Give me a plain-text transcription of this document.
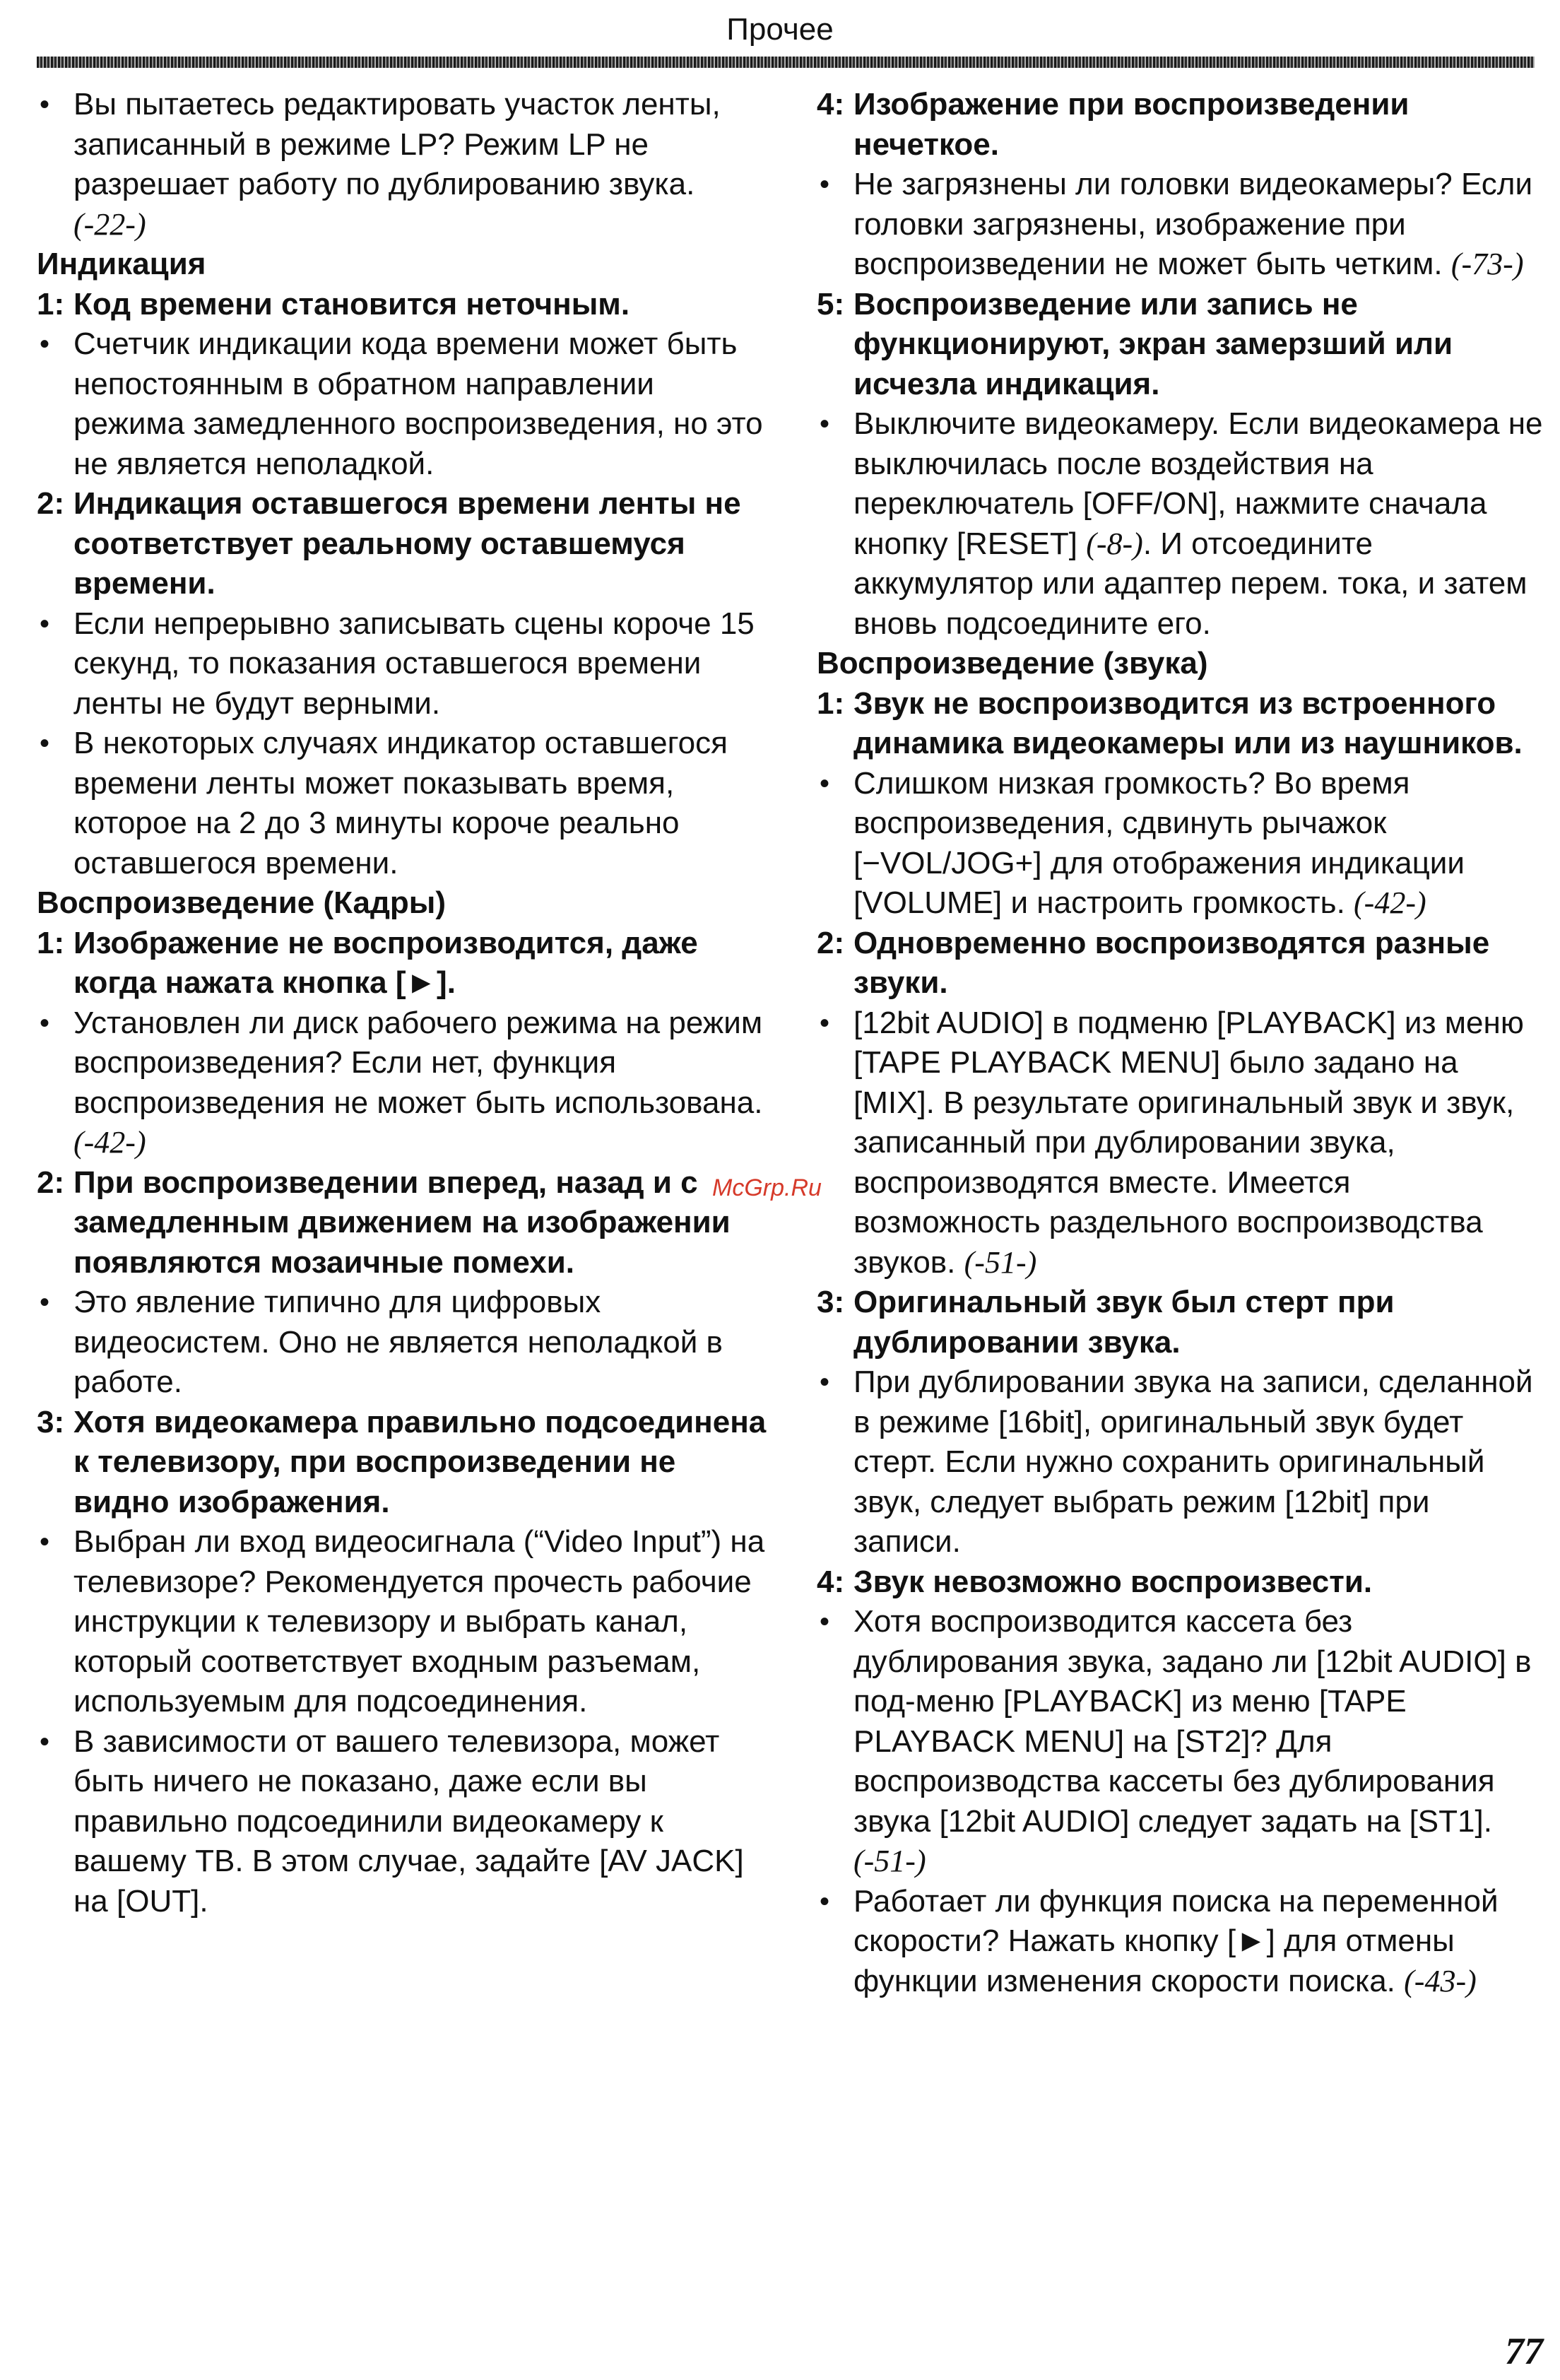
Прочее

• Вы пытаетесь редактировать участок ленты, записанный в режиме LP? Режим LP не разрешает работу по дублированию звука. (-22-)

Индикация

1: Код времени становится неточным.

• Счетчик индикации кода времени может быть непостоянным в обратном направлении режима замедленного воспроизведения, но это не является неполадкой.

2: Индикация оставшегося времени ленты не соответствует реальному оставшемуся времени.

• Если непрерывно записывать сцены короче 15 секунд, то показания оставшегося времени ленты не будут верными.

• В некоторых случаях индикатор оставшегося времени ленты может показывать время, которое на 2 до 3 минуты короче реально оставшегося времени.

Воспроизведение (Кадры)

1: Изображение не воспроизводится, даже когда нажата кнопка [►].

• Установлен ли диск рабочего режима на режим воспроизведения? Если нет, функция воспроизведения не может быть использована. (-42-)

2: При воспроизведении вперед, назад и с замедленным движением на изображении появляются мозаичные помехи.

• Это явление типично для цифровых видеосистем. Оно не является неполадкой в работе.

3: Хотя видеокамера правильно подсоединена к телевизору, при воспроизведении не видно изображения.

• Выбран ли вход видеосигнала (“Video Input”) на телевизоре? Рекомендуется прочесть рабочие инструкции к телевизору и выбрать канал, который соответствует входным разъемам, используемым для подсоединения.

• В зависимости от вашего телевизора, может быть ничего не показано, даже если вы правильно подсоединили видеокамеру к вашему ТВ. В этом случае, задайте [AV JACK] на [OUT].

4: Изображение при воспроизведении нечеткое.

• Не загрязнены ли головки видеокамеры? Если головки загрязнены, изображение при воспроизведении не может быть четким. (-73-)

5: Воспроизведение или запись не функционируют, экран замерзший или исчезла индикация.

• Выключите видеокамеру. Если видеокамера не выключилась после воздействия на переключатель [OFF/ON], нажмите сначала кнопку [RESET] (-8-). И отсоедините аккумулятор или адаптер перем. тока, и затем вновь подсоедините его.

Воспроизведение (звука)

1: Звук не воспроизводится из встроенного динамика видеокамеры или из наушников.

• Слишком низкая громкость? Во время воспроизведения, сдвинуть рычажок [−VOL/JOG+] для отображения индикации [VOLUME] и настроить громкость. (-42-)

2: Одновременно воспроизводятся разные звуки.

• [12bit AUDIO] в подменю [PLAYBACK] из меню [TAPE PLAYBACK MENU] было задано на [MIX]. В результате оригинальный звук и звук, записанный при дублировании звука, воспроизводятся вместе. Имеется возможность раздельного воспроизводства звуков. (-51-)

3: Оригинальный звук был стерт при дублировании звука.

• При дублировании звука на записи, сделанной в режиме [16bit], оригинальный звук будет стерт. Если нужно сохранить оригинальный звук, следует выбрать режим [12bit] при записи.

4: Звук невозможно воспроизвести.

• Хотя воспроизводится кассета без дублирования звука, задано ли [12bit AUDIO] в под-меню [PLAYBACK] из меню [TAPE PLAYBACK MENU] на [ST2]? Для воспроизводства кассеты без дублирования звука [12bit AUDIO] следует задать на [ST1]. (-51-)

• Работает ли функция поиска на переменной скорости? Нажать кнопку [►] для отмены функции изменения скорости поиска. (-43-)

McGrp.Ru
77
